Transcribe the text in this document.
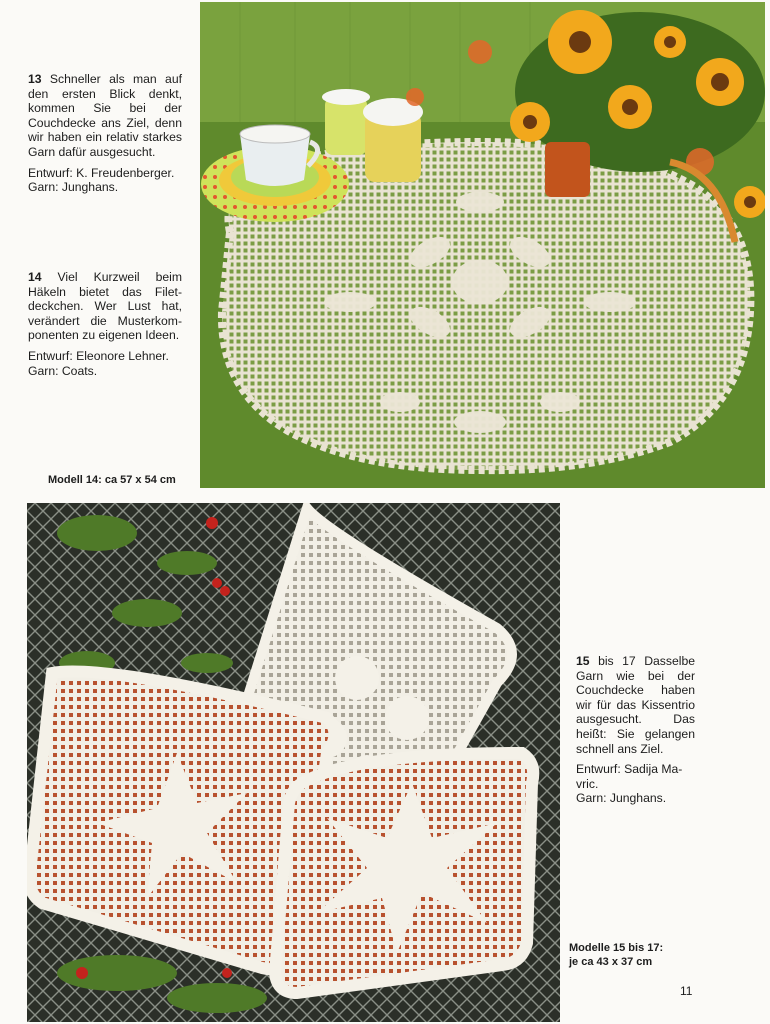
13 Schneller als man auf den ersten Blick denkt, kommen Sie bei der Couchdecke ans Ziel, denn wir haben ein relativ starkes Garn dafür ausgesucht.

Entwurf: K. Freudenberger.
Garn: Junghans.

14 Viel Kurzweil beim Häkeln bietet das Filetdeckchen. Wer Lust hat, verändert die Musterkomponenten zu eigenen Ideen.

Entwurf: Eleonore Lehner.
Garn: Coats.
Modell 14: ca 57 x 54 cm

15 bis 17 Dasselbe Garn wie bei der Couchdecke haben wir für das Kissentrio ausgesucht. Das heißt: Sie gelangen schnell ans Ziel.

Entwurf: Sadija Mavric.
Garn: Junghans.
Modelle 15 bis 17:
je ca 43 x 37 cm
11
